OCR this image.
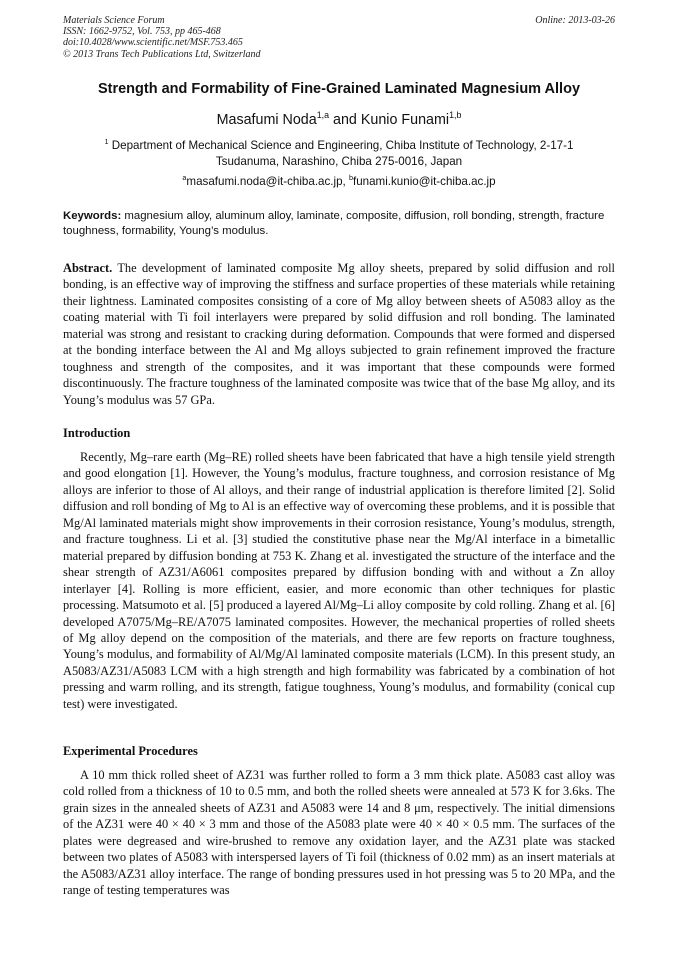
Materials Science Forum
ISSN: 1662-9752, Vol. 753, pp 465-468
doi:10.4028/www.scientific.net/MSF.753.465
© 2013 Trans Tech Publications Ltd, Switzerland
Online: 2013-03-26
Strength and Formability of Fine-Grained Laminated Magnesium Alloy
Masafumi Noda$^{1,a}$ and Kunio Funami$^{1,b}$
$^1$ Department of Mechanical Science and Engineering, Chiba Institute of Technology, 2-17-1
Tsudanuma, Narashino, Chiba 275-0016, Japan
$^a$masafumi.noda@it-chiba.ac.jp, $^b$funami.kunio@it-chiba.ac.jp
Keywords: magnesium alloy, aluminum alloy, laminate, composite, diffusion, roll bonding, strength, fracture toughness, formability, Young’s modulus.
Abstract. The development of laminated composite Mg alloy sheets, prepared by solid diffusion and roll bonding, is an effective way of improving the stiffness and surface properties of these materials while retaining their lightness. Laminated composites consisting of a core of Mg alloy between sheets of A5083 alloy as the coating material with Ti foil interlayers were prepared by solid diffusion and roll bonding. The laminated material was strong and resistant to cracking during deformation. Compounds that were formed and dispersed at the bonding interface between the Al and Mg alloys subjected to grain refinement improved the fracture toughness and strength of the composites, and it was important that these compounds were formed discontinuously. The fracture toughness of the laminated composite was twice that of the base Mg alloy, and its Young’s modulus was 57 GPa.
Introduction
Recently, Mg–rare earth (Mg–RE) rolled sheets have been fabricated that have a high tensile yield strength and good elongation [1]. However, the Young’s modulus, fracture toughness, and corrosion resistance of Mg alloys are inferior to those of Al alloys, and their range of industrial application is therefore limited [2]. Solid diffusion and roll bonding of Mg to Al is an effective way of overcoming these problems, and it is possible that Mg/Al laminated materials might show improvements in their corrosion resistance, Young’s modulus, strength, and fracture toughness. Li et al. [3] studied the constitutive phase near the Mg/Al interface in a bimetallic material prepared by diffusion bonding at 753 K. Zhang et al. investigated the structure of the interface and the shear strength of AZ31/A6061 composites prepared by diffusion bonding with and without a Zn alloy interlayer [4]. Rolling is more efficient, easier, and more economic than other techniques for plastic processing. Matsumoto et al. [5] produced a layered Al/Mg–Li alloy composite by cold rolling. Zhang et al. [6] developed A7075/Mg–RE/A7075 laminated composites. However, the mechanical properties of rolled sheets of Mg alloy depend on the composition of the materials, and there are few reports on fracture toughness, Young’s modulus, and formability of Al/Mg/Al laminated composite materials (LCM). In this present study, an A5083/AZ31/A5083 LCM with a high strength and high formability was fabricated by a combination of hot pressing and warm rolling, and its strength, fatigue toughness, Young’s modulus, and formability (conical cup test) were investigated.
Experimental Procedures
A 10 mm thick rolled sheet of AZ31 was further rolled to form a 3 mm thick plate. A5083 cast alloy was cold rolled from a thickness of 10 to 0.5 mm, and both the rolled sheets were annealed at 573 K for 3.6ks. The grain sizes in the annealed sheets of AZ31 and A5083 were 14 and 8 μm, respectively. The initial dimensions of the AZ31 were 40 × 40 × 3 mm and those of the A5083 plate were 40 × 40 × 0.5 mm. The surfaces of the plates were degreased and wire-brushed to remove any oxidation layer, and the AZ31 plate was stacked between two plates of A5083 with interspersed layers of Ti foil (thickness of 0.02 mm) as an insert materials at the A5083/AZ31 alloy interface. The range of bonding pressures used in hot pressing was 5 to 20 MPa, and the range of testing temperatures was
